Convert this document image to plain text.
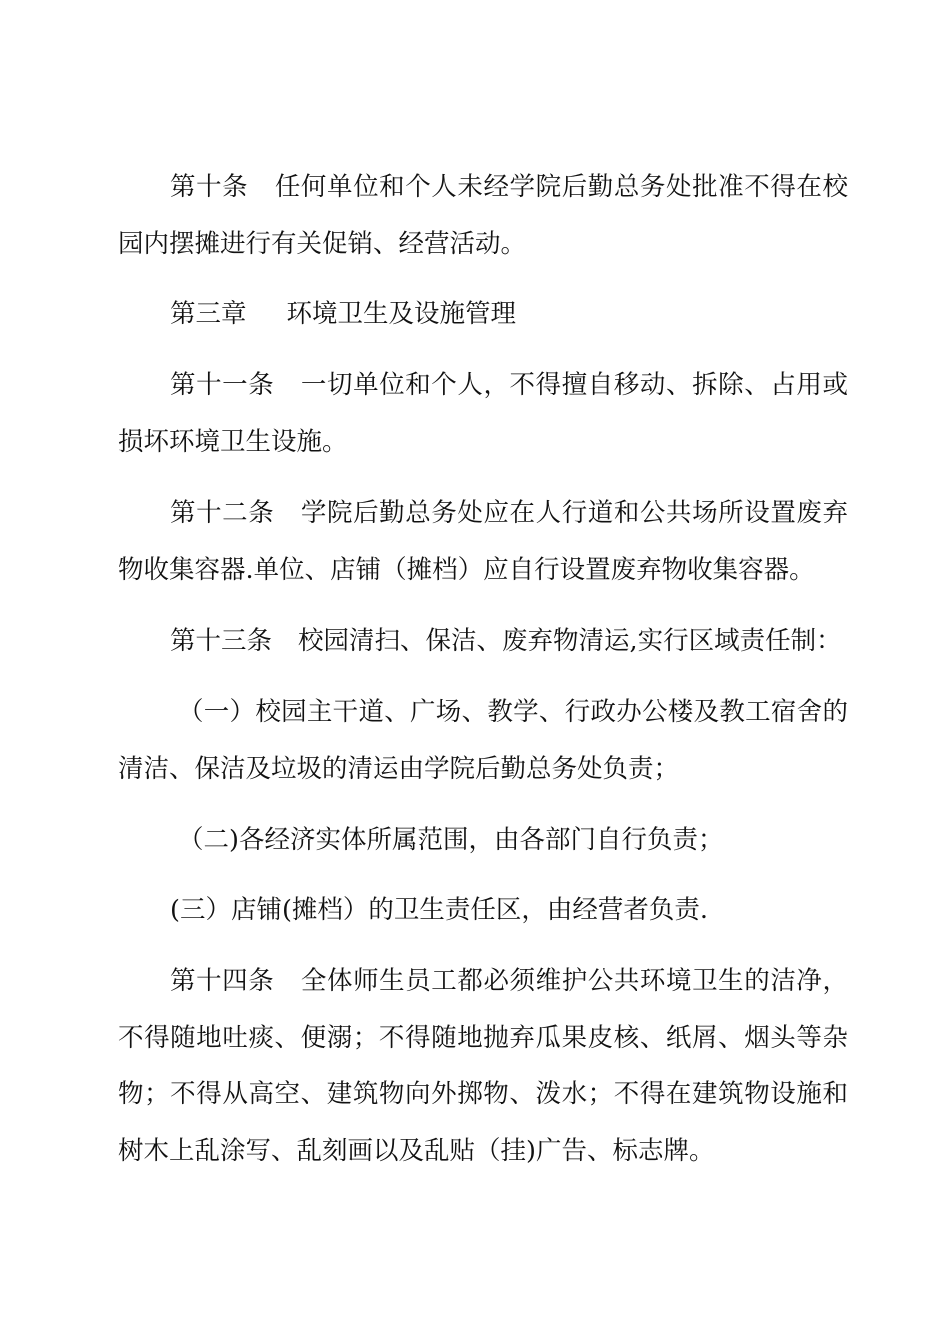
第十条 任何单位和个人未经学院后勤总务处批准不得在校
园内摆摊进行有关促销、经营活动。
第三章 环境卫生及设施管理
第十一条 一切单位和个人，不得擅自移动、拆除、占用或
损坏环境卫生设施。
第十二条 学院后勤总务处应在人行道和公共场所设置废弃
物收集容器.单位、店铺（摊档）应自行设置废弃物收集容器。
第十三条 校园清扫、保洁、废弃物清运,实行区域责任制：
（一）校园主干道、广场、教学、行政办公楼及教工宿舍的
清洁、保洁及垃圾的清运由学院后勤总务处负责；
（二)各经济实体所属范围，由各部门自行负责；
(三）店铺(摊档）的卫生责任区，由经营者负责.
第十四条 全体师生员工都必须维护公共环境卫生的洁净，
不得随地吐痰、便溺；不得随地抛弃瓜果皮核、纸屑、烟头等杂
物；不得从高空、建筑物向外掷物、泼水；不得在建筑物设施和
树木上乱涂写、乱刻画以及乱贴（挂)广告、标志牌。
